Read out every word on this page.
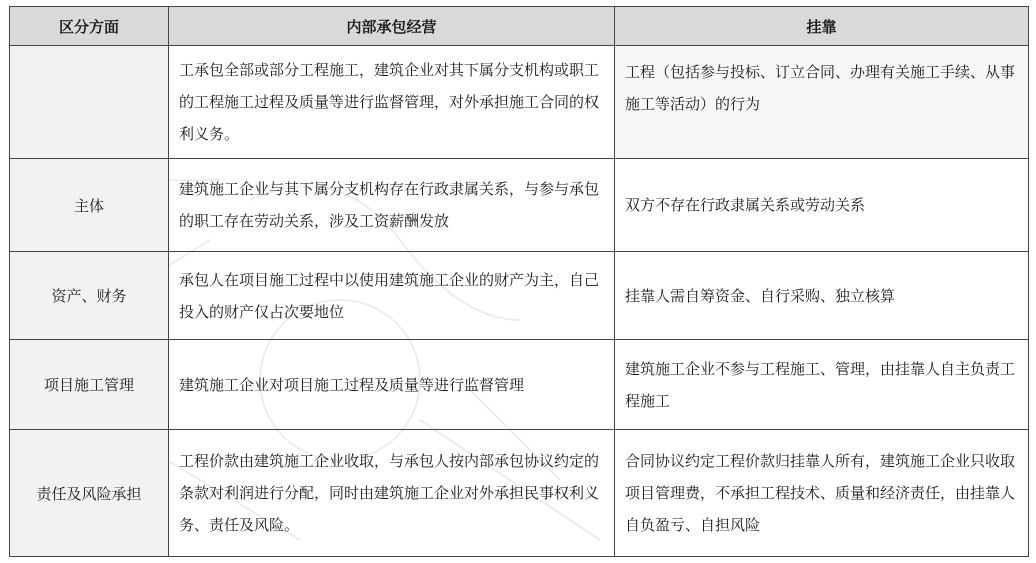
区分方面	内部承包经营	挂靠
	工承包全部或部分工程施工，建筑企业对其下属分支机构或职工的工程施工过程及质量等进行监督管理，对外承担施工合同的权利义务。	工程（包括参与投标、订立合同、办理有关施工手续、从事施工等活动）的行为
主体	建筑施工企业与其下属分支机构存在行政隶属关系，与参与承包的职工存在劳动关系，涉及工资薪酬发放	双方不存在行政隶属关系或劳动关系
资产、财务	承包人在项目施工过程中以使用建筑施工企业的财产为主，自己投入的财产仅占次要地位	挂靠人需自筹资金、自行采购、独立核算
项目施工管理	建筑施工企业对项目施工过程及质量等进行监督管理	建筑施工企业不参与工程施工、管理，由挂靠人自主负责工程施工
责任及风险承担	工程价款由建筑施工企业收取，与承包人按内部承包协议约定的条款对利润进行分配，同时由建筑施工企业对外承担民事权利义务、责任及风险。	合同协议约定工程价款归挂靠人所有，建筑施工企业只收取项目管理费，不承担工程技术、质量和经济责任，由挂靠人自负盈亏、自担风险
